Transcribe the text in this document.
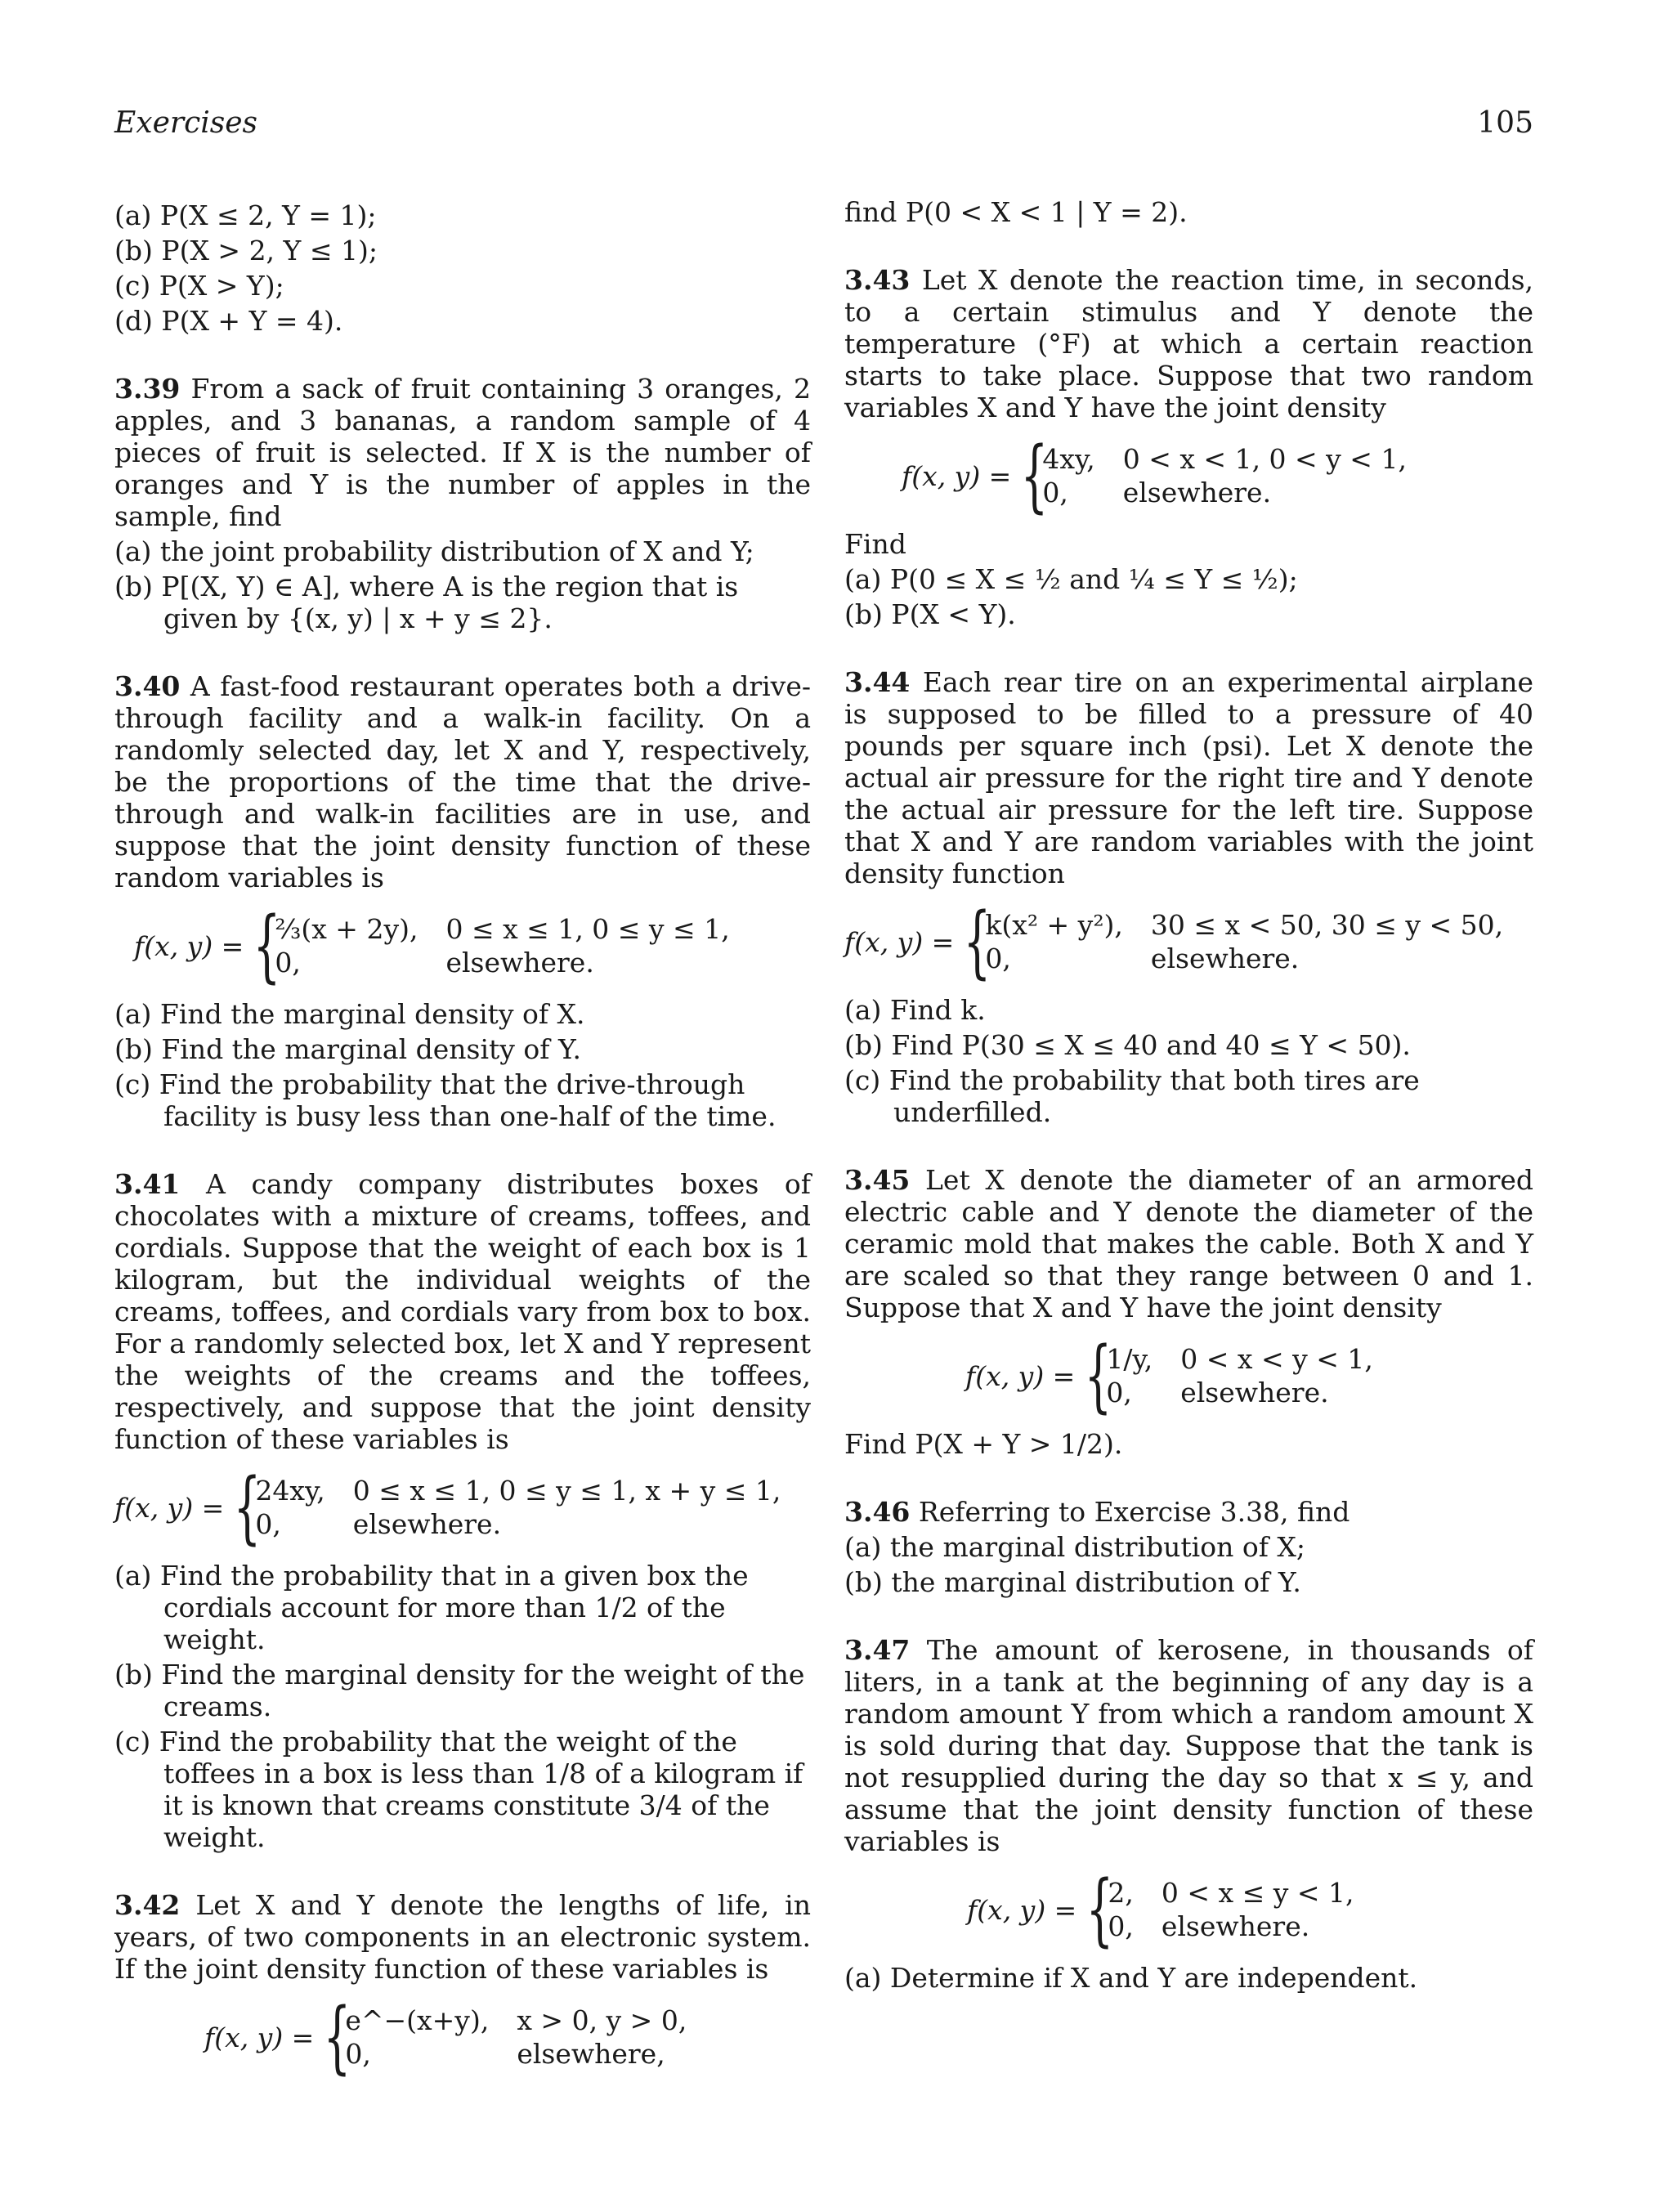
Exercises	105
(a) P(X ≤ 2, Y = 1);
(b) P(X > 2, Y ≤ 1);
(c) P(X > Y);
(d) P(X + Y = 4).

3.39 From a sack of fruit containing 3 oranges, 2 apples, and 3 bananas, a random sample of 4 pieces of fruit is selected. If X is the number of oranges and Y is the number of apples in the sample, find

(a) the joint probability distribution of X and Y;
(b) P[(X, Y) ∈ A], where A is the region that is given by {(x, y) | x + y ≤ 2}.

3.40 A fast-food restaurant operates both a drive-through facility and a walk-in facility. On a randomly selected day, let X and Y, respectively, be the proportions of the time that the drive-through and walk-in facilities are in use, and suppose that the joint density function of these random variables is

f(x, y) = {
⅔(x + 2y), 0 ≤ x ≤ 1, 0 ≤ y ≤ 1,
0,	elsewhere.
(a) Find the marginal density of X.
(b) Find the marginal density of Y.
(c) Find the probability that the drive-through facility is busy less than one-half of the time.

3.41 A candy company distributes boxes of chocolates with a mixture of creams, toffees, and cordials. Suppose that the weight of each box is 1 kilogram, but the individual weights of the creams, toffees, and cordials vary from box to box. For a randomly selected box, let X and Y represent the weights of the creams and the toffees, respectively, and suppose that the joint density function of these variables is

f(x, y) = {
24xy, 0 ≤ x ≤ 1, 0 ≤ y ≤ 1, x + y ≤ 1,
0,	elsewhere.
(a) Find the probability that in a given box the cordials account for more than 1/2 of the weight.
(b) Find the marginal density for the weight of the creams.
(c) Find the probability that the weight of the toffees in a box is less than 1/8 of a kilogram if it is known that creams constitute 3/4 of the weight.

3.42 Let X and Y denote the lengths of life, in years, of two components in an electronic system. If the joint density function of these variables is

f(x, y) = {
e^−(x+y), x > 0, y > 0,
0,	elsewhere,

find P(0 < X < 1 | Y = 2).

3.43 Let X denote the reaction time, in seconds, to a certain stimulus and Y denote the temperature (°F) at which a certain reaction starts to take place. Suppose that two random variables X and Y have the joint density

f(x, y) = {
4xy, 0 < x < 1, 0 < y < 1,
0,	elsewhere.

Find

(a) P(0 ≤ X ≤ ½ and ¼ ≤ Y ≤ ½);
(b) P(X < Y).

3.44 Each rear tire on an experimental airplane is supposed to be filled to a pressure of 40 pounds per square inch (psi). Let X denote the actual air pressure for the right tire and Y denote the actual air pressure for the left tire. Suppose that X and Y are random variables with the joint density function

f(x, y) = {
k(x² + y²), 30 ≤ x < 50, 30 ≤ y < 50,
0,	elsewhere.
(a) Find k.
(b) Find P(30 ≤ X ≤ 40 and 40 ≤ Y < 50).
(c) Find the probability that both tires are underfilled.

3.45 Let X denote the diameter of an armored electric cable and Y denote the diameter of the ceramic mold that makes the cable. Both X and Y are scaled so that they range between 0 and 1. Suppose that X and Y have the joint density

f(x, y) = {
1/y, 0 < x < y < 1,
0,	elsewhere.

Find P(X + Y > 1/2).

3.46 Referring to Exercise 3.38, find

(a) the marginal distribution of X;
(b) the marginal distribution of Y.

3.47 The amount of kerosene, in thousands of liters, in a tank at the beginning of any day is a random amount Y from which a random amount X is sold during that day. Suppose that the tank is not resupplied during the day so that x ≤ y, and assume that the joint density function of these variables is

f(x, y) = {
2, 0 < x ≤ y < 1,
0, elsewhere.
(a) Determine if X and Y are independent.
